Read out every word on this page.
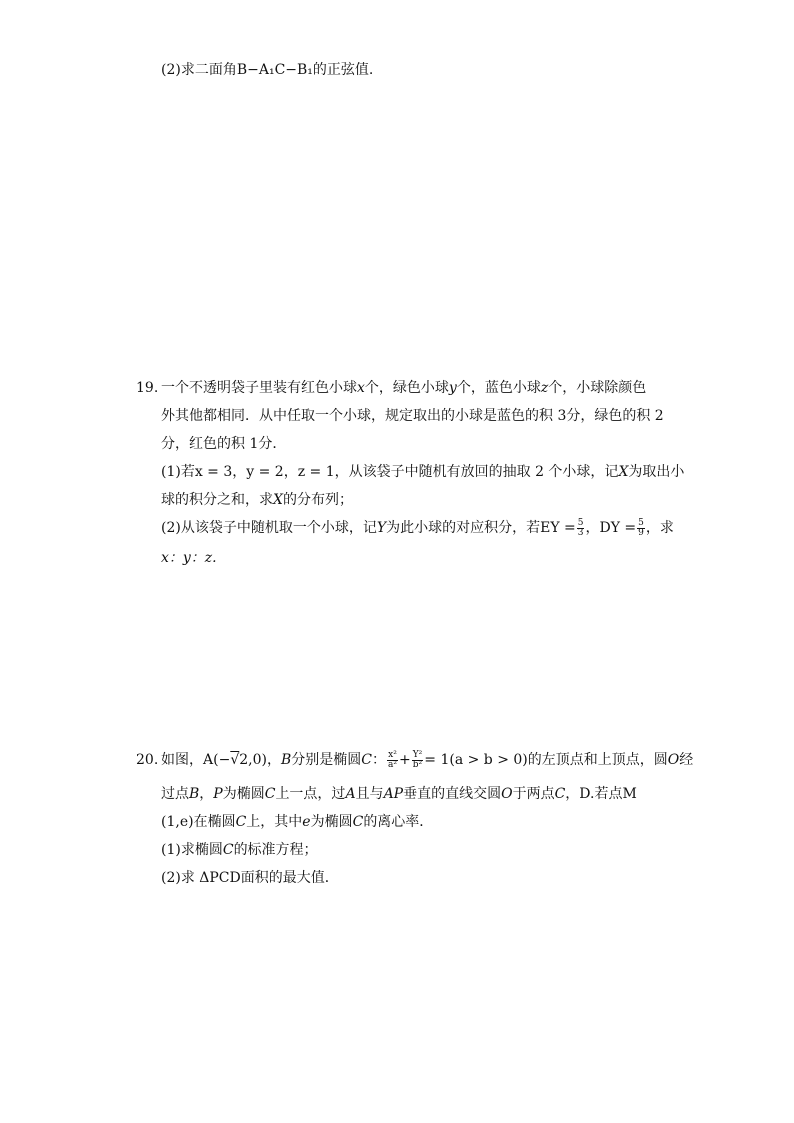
(2)求二面角B−A₁C−B₁的正弦值.
19. 一个不透明袋子里装有红色小球x个，绿色小球y个，蓝色小球z个，小球除颜色
外其他都相同．从中任取一个小球，规定取出的小球是蓝色的积 3分，绿色的积 2
分，红色的积 1分．
(1)若x = 3，y = 2，z = 1，从该袋子中随机有放回的抽取 2 个小球，记X为取出小
球的积分之和，求X的分布列；
(2)从该袋子中随机取一个小球，记Y为此小球的对应积分，若EY = $\frac{5}{3}$ ，DY = $\frac{5}{9}$ ，求
x：y：z.
20. 如图，A(−√2,0)，B分别是椭圆C： $\frac{\text{x²}}{\text{a²}} + \frac{\text{Y²}}{\text{b²}} = 1(a > b > 0)$的左顶点和上顶点，圆O经
过点B，P为椭圆C上一点，过A且与AP垂直的直线交圆O于两点C，D.若点M
(1,e)在椭圆C上，其中e为椭圆C的离心率．
(1)求椭圆C的标准方程；
(2)求 ΔPCD面积的最大值．
